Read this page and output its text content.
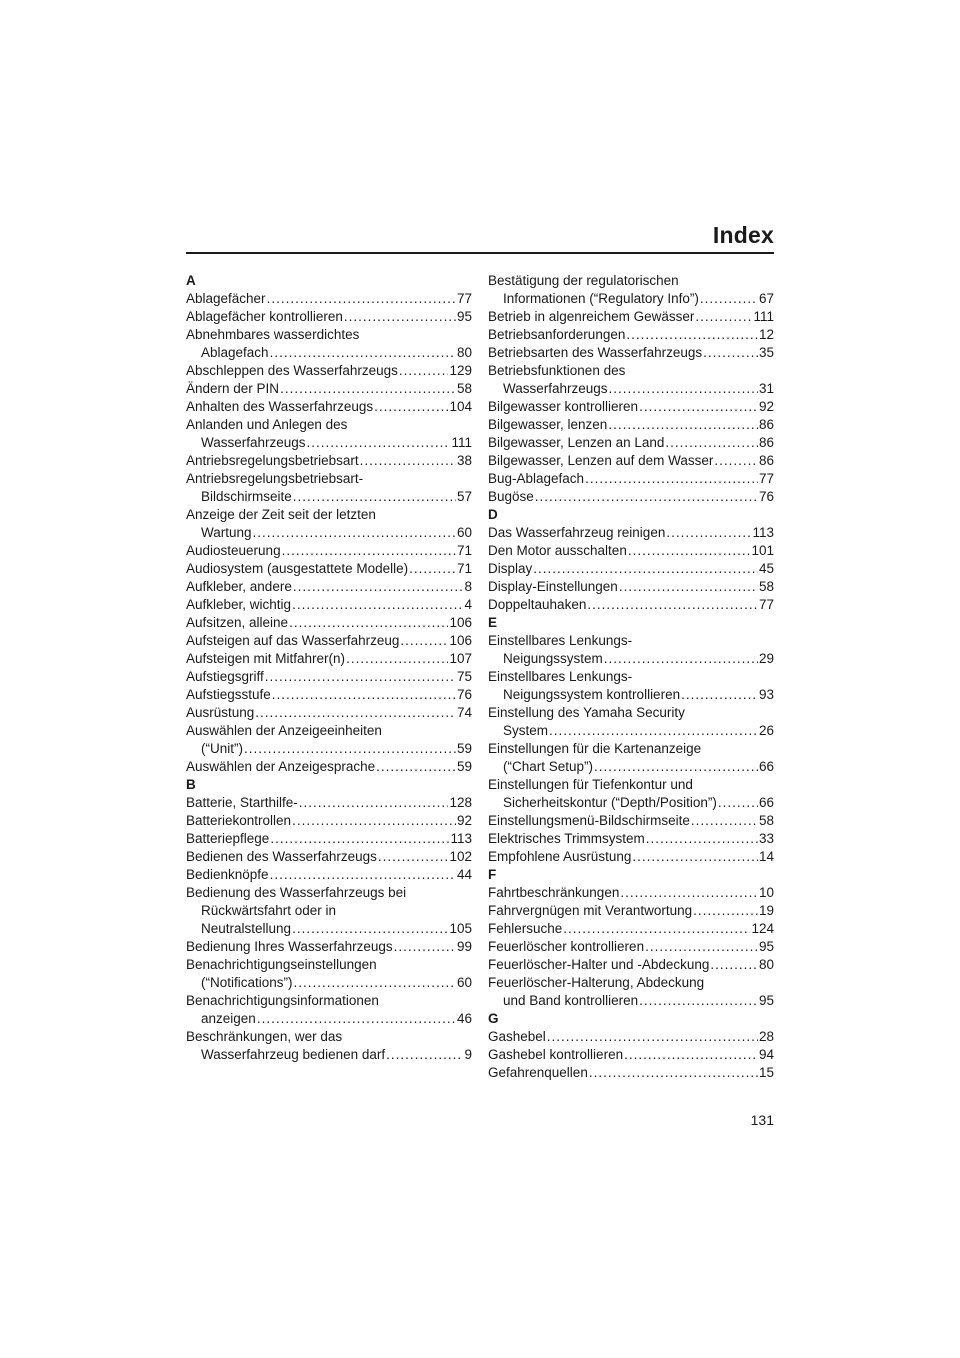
Index
A
Ablagefächer .....	77
Ablagefächer kontrollieren .....	95
Abnehmbares wasserdichtes
Ablagefach .....	80
Abschleppen des Wasserfahrzeugs .....	129
Ändern der PIN .....	58
Anhalten des Wasserfahrzeugs .....	104
Anlanden und Anlegen des
Wasserfahrzeugs .....	111
Antriebsregelungsbetriebsart .....	38
Antriebsregelungsbetriebsart-
Bildschirmseite .....	57
Anzeige der Zeit seit der letzten
Wartung .....	60
Audiosteuerung .....	71
Audiosystem (ausgestattete Modelle) .....	71
Aufkleber, andere .....	8
Aufkleber, wichtig .....	4
Aufsitzen, alleine .....	106
Aufsteigen auf das Wasserfahrzeug .....	106
Aufsteigen mit Mitfahrer(n) .....	107
Aufstiegsgriff .....	75
Aufstiegsstufe .....	76
Ausrüstung .....	74
Auswählen der Anzeigeeinheiten
(“Unit”) .....	59
Auswählen der Anzeigesprache .....	59
B
Batterie, Starthilfe- .....	128
Batteriekontrollen .....	92
Batteriepflege .....	113
Bedienen des Wasserfahrzeugs .....	102
Bedienknöpfe .....	44
Bedienung des Wasserfahrzeugs bei
Rückwärtsfahrt oder in
Neutralstellung .....	105
Bedienung Ihres Wasserfahrzeugs .....	99
Benachrichtigungseinstellungen
(“Notifications”) .....	60
Benachrichtigungsinformationen
anzeigen .....	46
Beschränkungen, wer das
Wasserfahrzeug bedienen darf .....	9
Bestätigung der regulatorischen
Informationen (“Regulatory Info”) .....	67
Betrieb in algenreichem Gewässer .....	111
Betriebsanforderungen .....	12
Betriebsarten des Wasserfahrzeugs .....	35
Betriebsfunktionen des
Wasserfahrzeugs .....	31
Bilgewasser kontrollieren .....	92
Bilgewasser, lenzen .....	86
Bilgewasser, Lenzen an Land .....	86
Bilgewasser, Lenzen auf dem Wasser .....	86
Bug-Ablagefach .....	77
Bugöse .....	76
D
Das Wasserfahrzeug reinigen .....	113
Den Motor ausschalten .....	101
Display .....	45
Display-Einstellungen .....	58
Doppeltauhaken .....	77
E
Einstellbares Lenkungs-
Neigungssystem .....	29
Einstellbares Lenkungs-
Neigungssystem kontrollieren .....	93
Einstellung des Yamaha Security
System .....	26
Einstellungen für die Kartenanzeige
(“Chart Setup”) .....	66
Einstellungen für Tiefenkontur und
Sicherheitskontur (“Depth/Position”) .....	66
Einstellungsmenü-Bildschirmseite .....	58
Elektrisches Trimmsystem .....	33
Empfohlene Ausrüstung .....	14
F
Fahrtbeschränkungen .....	10
Fahrvergnügen mit Verantwortung .....	19
Fehlersuche .....	124
Feuerlöscher kontrollieren .....	95
Feuerlöscher-Halter und -Abdeckung .....	80
Feuerlöscher-Halterung, Abdeckung
und Band kontrollieren .....	95
G
Gashebel .....	28
Gashebel kontrollieren .....	94
Gefahrenquellen .....	15
131
